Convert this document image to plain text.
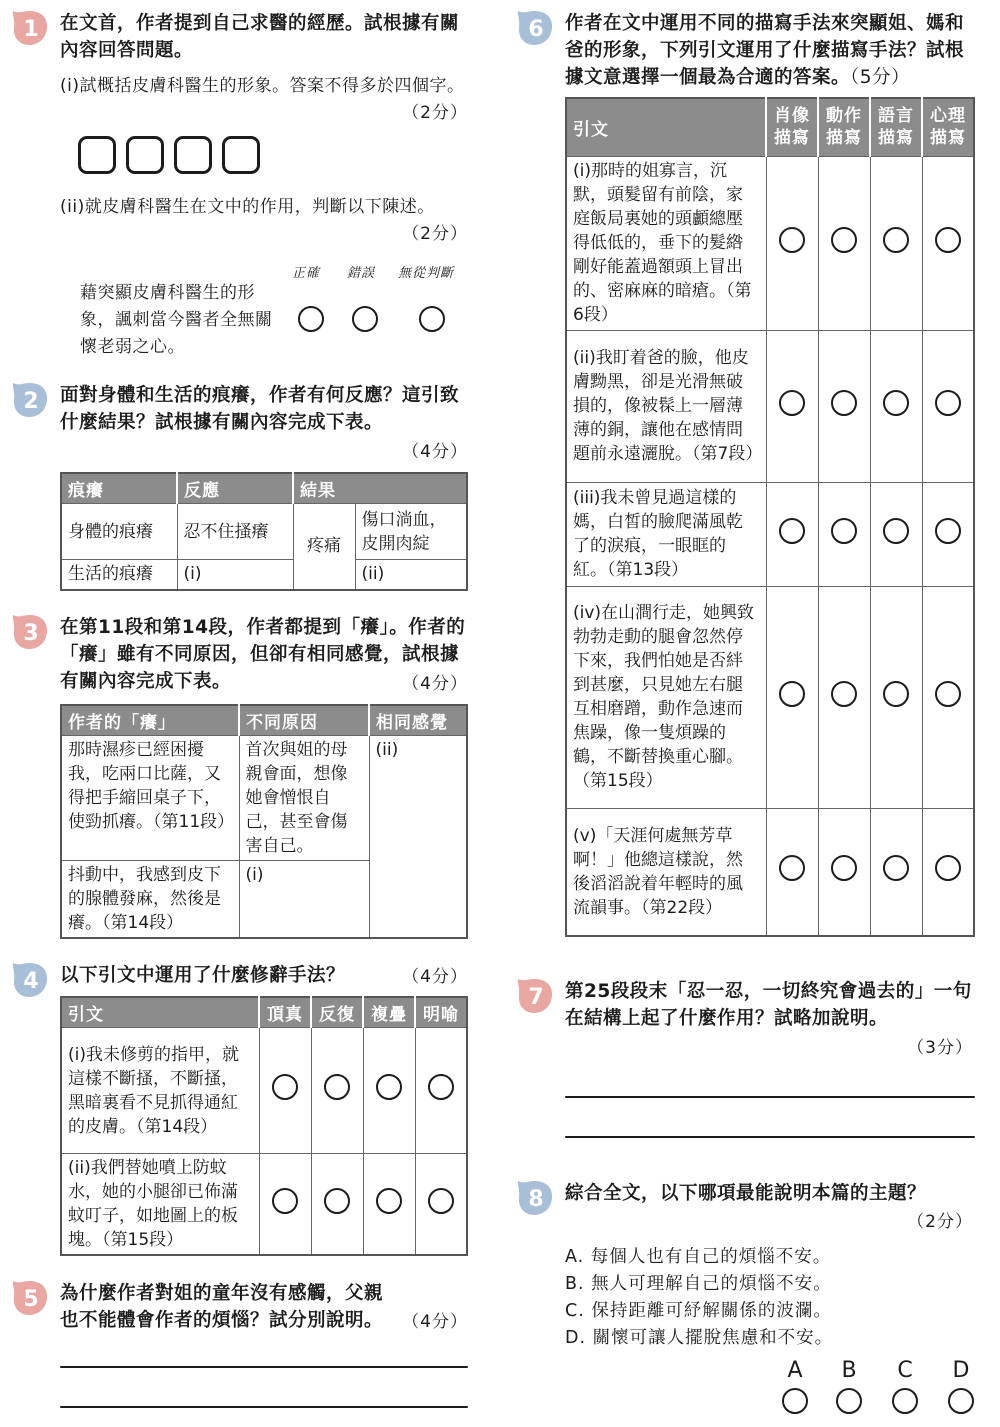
1 在文首，作者提到自己求醫的經歷。試根據有關內容回答問題。
(i)試概括皮膚科醫生的形象。答案不得多於四個字。
（2分）
(ii)就皮膚科醫生在文中的作用，判斷以下陳述。
（2分）
正確 錯誤 無從判斷
藉突顯皮膚科醫生的形象，諷刺當今醫者全無關懷老弱之心。
2 面對身體和生活的痕癢，作者有何反應？這引致什麼結果？試根據有關內容完成下表。
（4分）
痕癢	反應	結果	
身體的痕癢	忍不住搔癢	疼痛	傷口淌血，皮開肉綻
生活的痕癢	(i)		(ii)
3 在第11段和第14段，作者都提到「癢」。作者的「癢」雖有不同原因，但卻有相同感覺，試根據有關內容完成下表。	（4分）
作者的「癢」	不同原因	相同感覺
那時濕疹已經困擾我，吃兩口比薩，又得把手縮回桌子下，使勁抓癢。（第11段）	首次與姐的母親會面，想像她會憎恨自己，甚至會傷害自己。	(ii)
抖動中，我感到皮下的腺體發麻，然後是癢。（第14段）	(i)	
4 以下引文中運用了什麼修辭手法？	（4分）
引文	頂真	反復	複疊	明喻
(i)我未修剪的指甲，就這樣不斷搔，不斷搔，黑暗裏看不見抓得通紅的皮膚。（第14段）				
(ii)我們替她噴上防蚊水，她的小腿卻已佈滿蚊叮子，如地圖上的板塊。（第15段）				
5 為什麼作者對姐的童年沒有感觸，父親也不能體會作者的煩惱？試分別說明。	（4分）
6 作者在文中運用不同的描寫手法來突顯姐、媽和爸的形象，下列引文運用了什麼描寫手法？試根據文意選擇一個最為合適的答案。（5分）
引文	肖像描寫	動作描寫	語言描寫	心理描寫
(i)那時的姐寡言，沉默，頭髮留有前陰，家庭飯局裏她的頭顱總壓得低低的，垂下的髮綹剛好能蓋過額頭上冒出的、密麻麻的暗瘡。（第6段）				
(ii)我盯着爸的臉，他皮膚黝黑，卻是光滑無破損的，像被髹上一層薄薄的銅，讓他在感情問題前永遠灑脫。（第7段）				
(iii)我未曾見過這樣的媽，白皙的臉爬滿風乾了的淚痕，一眼眶的紅。（第13段）				
(iv)在山澗行走，她興致勃勃走動的腿會忽然停下來，我們怕她是否絆到甚麼，只見她左右腿互相磨蹭，動作急速而焦躁，像一隻煩躁的鶴，不斷替換重心腳。（第15段）				
(v)「天涯何處無芳草啊！」他總這樣說，然後滔滔說着年輕時的風流韻事。（第22段）				
7 第25段段末「忍一忍，一切終究會過去的」一句在結構上起了什麼作用？試略加說明。
（3分）
8 綜合全文，以下哪項最能說明本篇的主題？
（2分）
A. 每個人也有自己的煩惱不安。
B. 無人可理解自己的煩惱不安。
C. 保持距離可紓解關係的波瀾。
D. 關懷可讓人擺脫焦慮和不安。
A B C D
